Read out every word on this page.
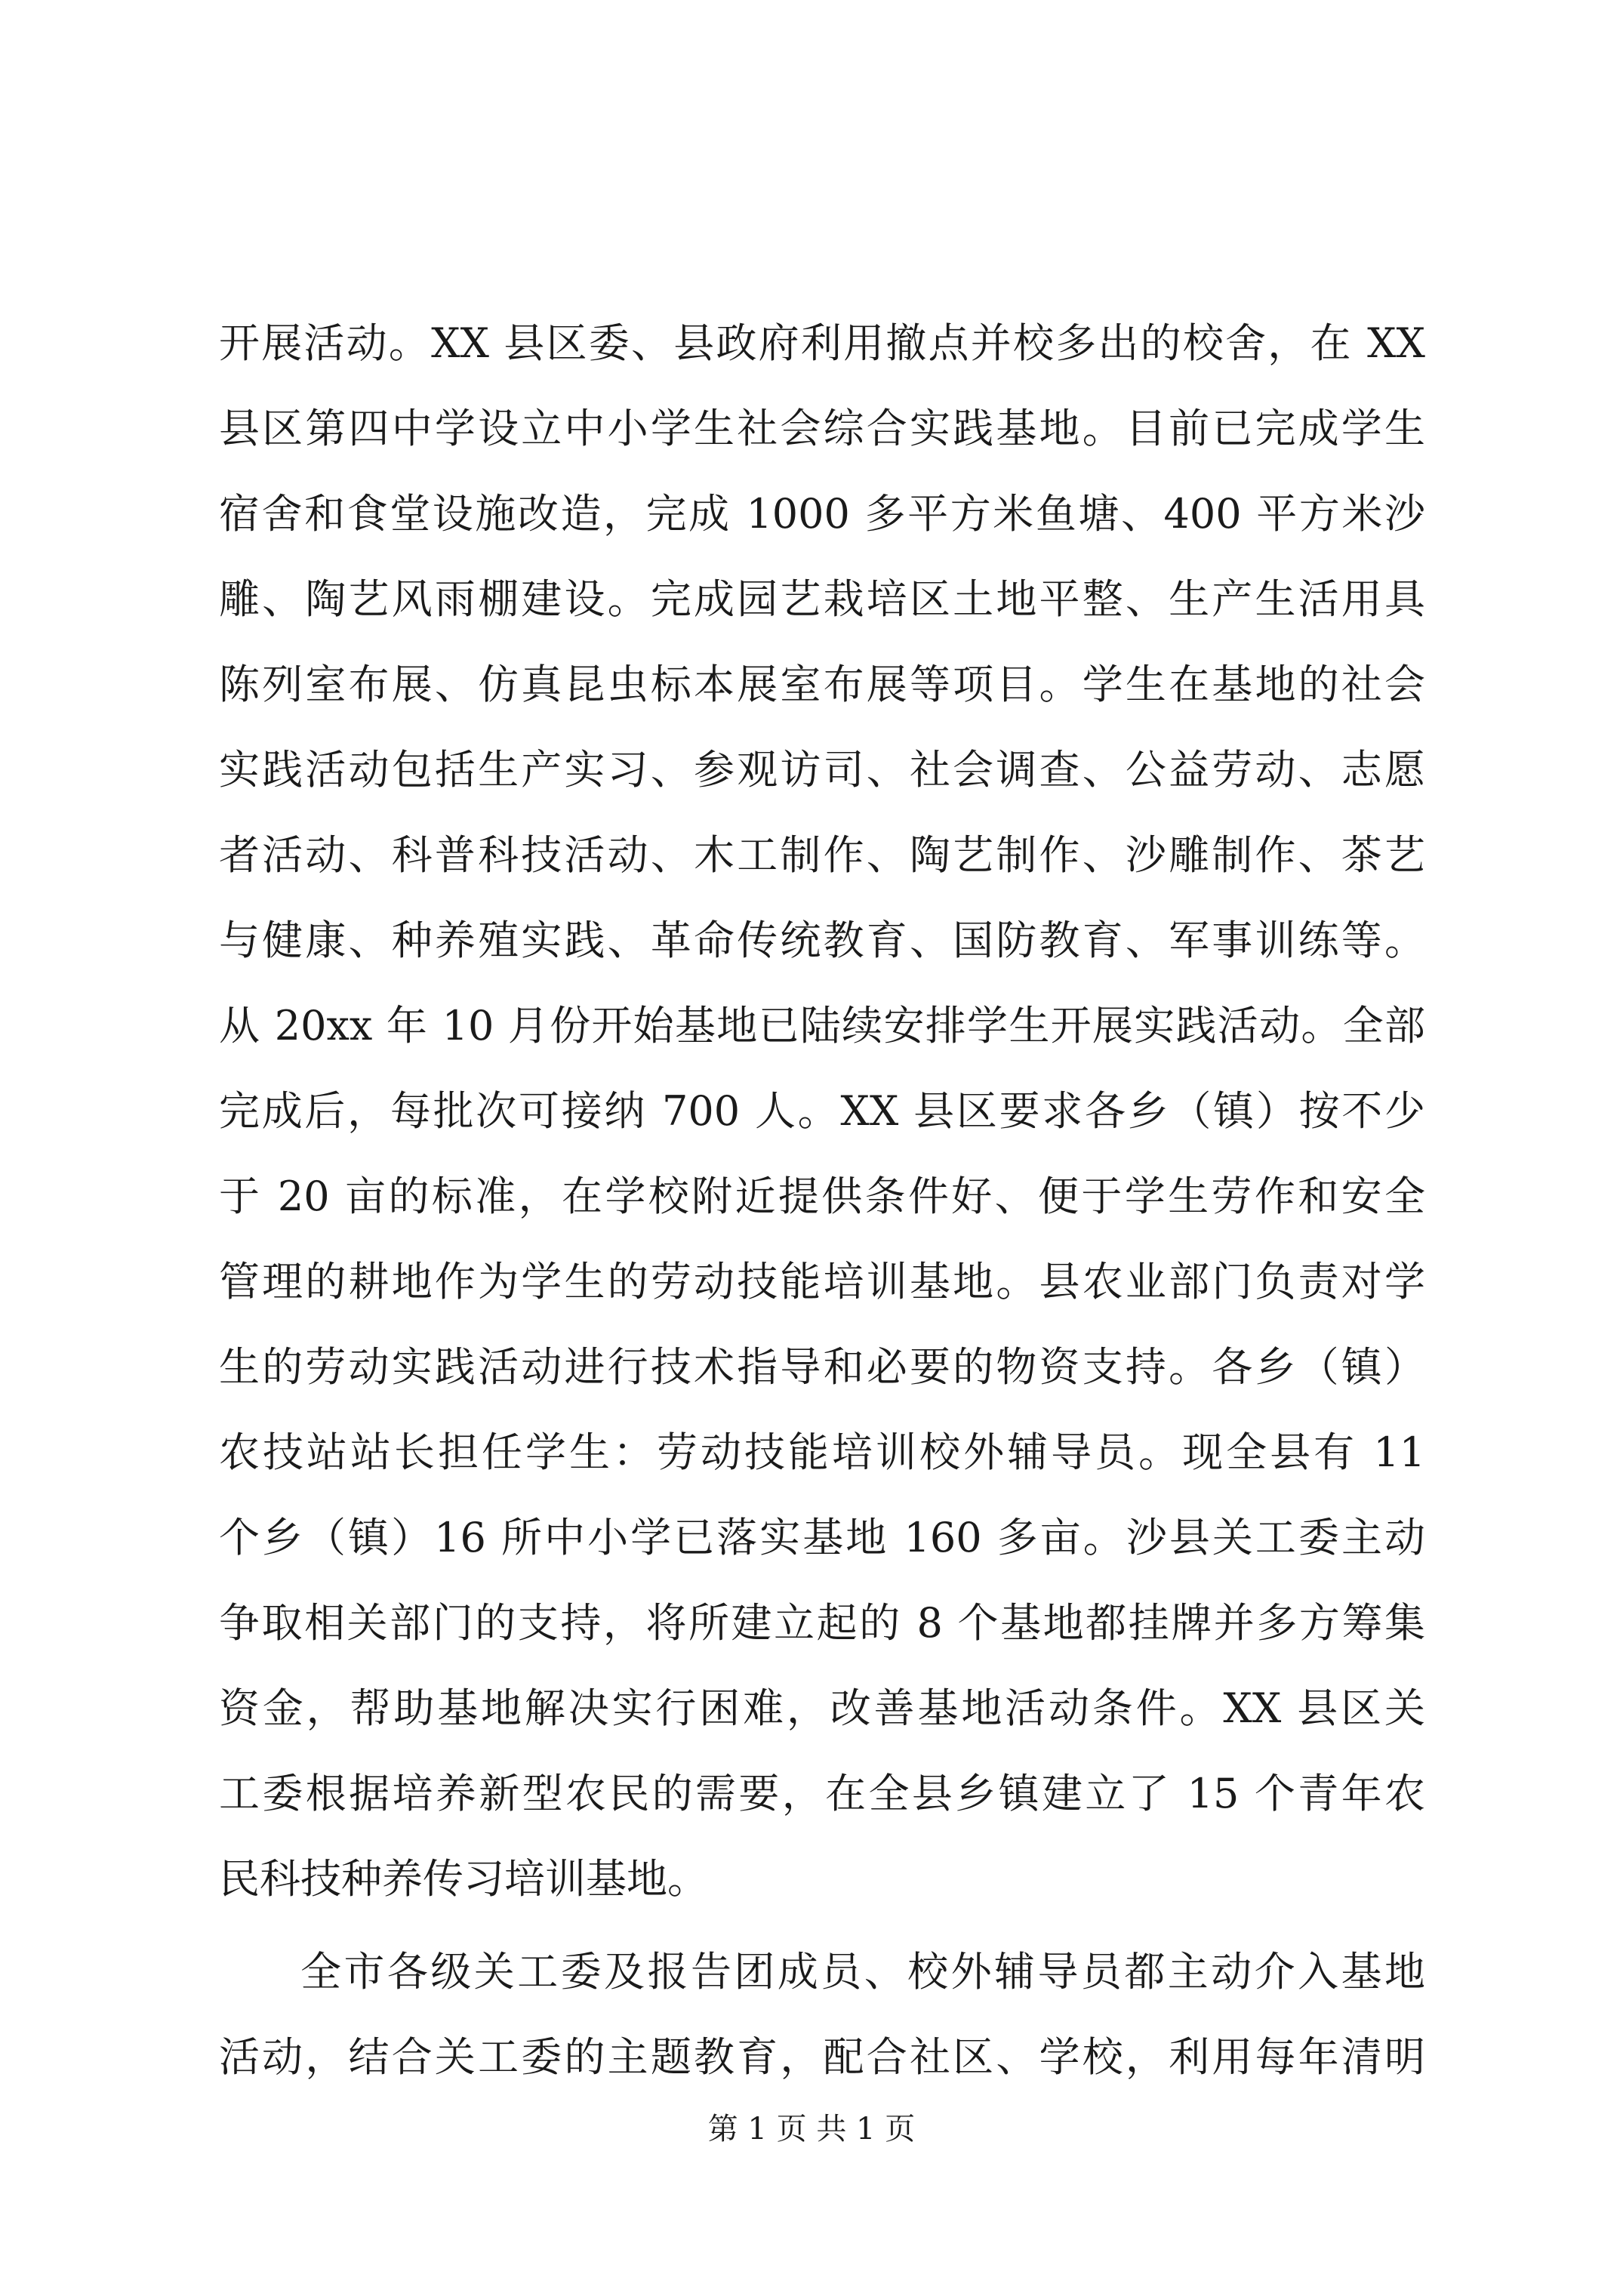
开展活动。XX 县区委、县政府利用撤点并校多出的校舍，在 XX
县区第四中学设立中小学生社会综合实践基地。目前已完成学生
宿舍和食堂设施改造，完成 1000 多平方米鱼塘、400 平方米沙
雕、陶艺风雨棚建设。完成园艺栽培区土地平整、生产生活用具
陈列室布展、仿真昆虫标本展室布展等项目。学生在基地的社会
实践活动包括生产实习、参观访司、社会调查、公益劳动、志愿
者活动、科普科技活动、木工制作、陶艺制作、沙雕制作、茶艺
与健康、种养殖实践、革命传统教育、国防教育、军事训练等。
从 20xx 年 10 月份开始基地已陆续安排学生开展实践活动。全部
完成后，每批次可接纳 700 人。XX 县区要求各乡（镇）按不少
于 20 亩的标准，在学校附近提供条件好、便于学生劳作和安全
管理的耕地作为学生的劳动技能培训基地。县农业部门负责对学
生的劳动实践活动进行技术指导和必要的物资支持。各乡（镇）
农技站站长担任学生：劳动技能培训校外辅导员。现全县有 11
个乡（镇）16 所中小学已落实基地 160 多亩。沙县关工委主动
争取相关部门的支持，将所建立起的 8 个基地都挂牌并多方筹集
资金，帮助基地解决实行困难，改善基地活动条件。XX 县区关
工委根据培养新型农民的需要，在全县乡镇建立了 15 个青年农
民科技种养传习培训基地。
全市各级关工委及报告团成员、校外辅导员都主动介入基地
活动，结合关工委的主题教育，配合社区、学校，利用每年清明
第 1 页 共 1 页
